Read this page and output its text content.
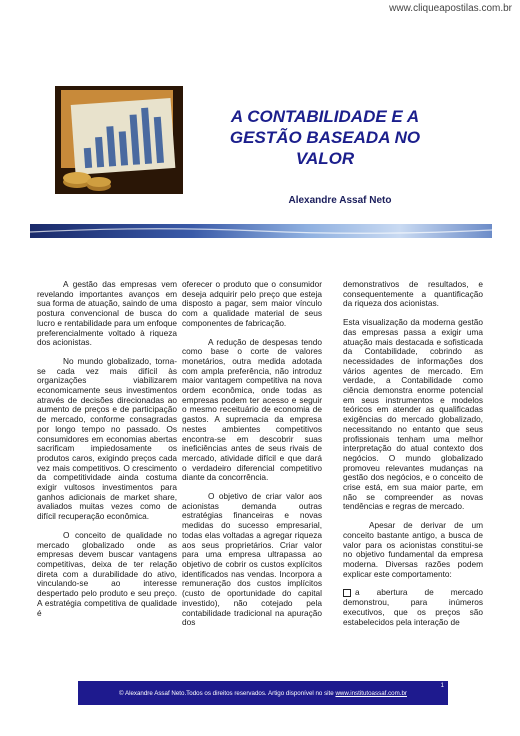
www.cliqueapostilas.com.br
A CONTABILIDADE E A
GESTÃO BASEADA NO
VALOR
Alexandre Assaf Neto

A gestão das empresas vem revelando importantes avanços em sua forma de atuação, saindo de uma postura convencional de busca do lucro e rentabilidade para um enfoque preferencialmente voltado à riqueza dos acionistas.

No mundo globalizado, torna-se cada vez mais difícil às organizações viabilizarem economicamente seus investimentos através de decisões direcionadas ao aumento de preços e de participação de mercado, conforme consagradas por longo tempo no passado. Os consumidores em economias abertas sacrificam impiedosamente os produtos caros, exigindo preços cada vez mais competitivos. O crescimento da competitividade ainda costuma exigir vultosos investimentos para ganhos adicionais de market share, avaliados muitas vezes como de difícil recuperação econômica.

O conceito de qualidade no mercado globalizado onde as empresas devem buscar vantagens competitivas, deixa de ter relação direta com a durabilidade do ativo, vinculando-se ao interesse despertado pelo produto e seu preço. A estratégia competitiva de qualidade é

oferecer o produto que o consumidor deseja adquirir pelo preço que esteja disposto a pagar, sem maior vínculo com a qualidade material de seus componentes de fabricação.

A redução de despesas tendo como base o corte de valores monetários, outra medida adotada com ampla preferência, não introduz maior vantagem competitiva na nova ordem econômica, onde todas as empresas podem ter acesso e seguir o mesmo receituário de economia de gastos. A supremacia da empresa nestes ambientes competitivos encontra-se em descobrir suas ineficiências antes de seus rivais de mercado, atividade difícil e que dará o verdadeiro diferencial competitivo diante da concorrência.

O objetivo de criar valor aos acionistas demanda outras estratégias financeiras e novas medidas do sucesso empresarial, todas elas voltadas a agregar riqueza aos seus proprietários. Criar valor para uma empresa ultrapassa ao objetivo de cobrir os custos explícitos identificados nas vendas. Incorpora a remuneração dos custos implícitos (custo de oportunidade do capital investido), não cotejado pela contabilidade tradicional na apuração dos

demonstrativos de resultados, e consequentemente a quantificação da riqueza dos acionistas.

Esta visualização da moderna gestão das empresas passa a exigir uma atuação mais destacada e sofisticada da Contabilidade, cobrindo as necessidades de informações dos vários agentes de mercado. Em verdade, a Contabilidade como ciência demonstra enorme potencial em seus instrumentos e modelos teóricos em atender as qualificadas exigências do mercado globalizado, necessitando no entanto que seus profissionais tenham uma melhor interpretação do atual contexto dos negócios. O mundo globalizado promoveu relevantes mudanças na gestão dos negócios, e o conceito de crise está, em sua maior parte, em não se compreender as novas tendências e regras de mercado.

Apesar de derivar de um conceito bastante antigo, a busca de valor para os acionistas constitui-se no objetivo fundamental da empresa moderna. Diversas razões podem explicar este comportamento:

a abertura de mercado demonstrou, para inúmeros executivos, que os preços são estabelecidos pela interação de

1
© Alexandre Assaf Neto.Todos os direitos reservados. Artigo disponível no site www.institutoassaf.com.br
